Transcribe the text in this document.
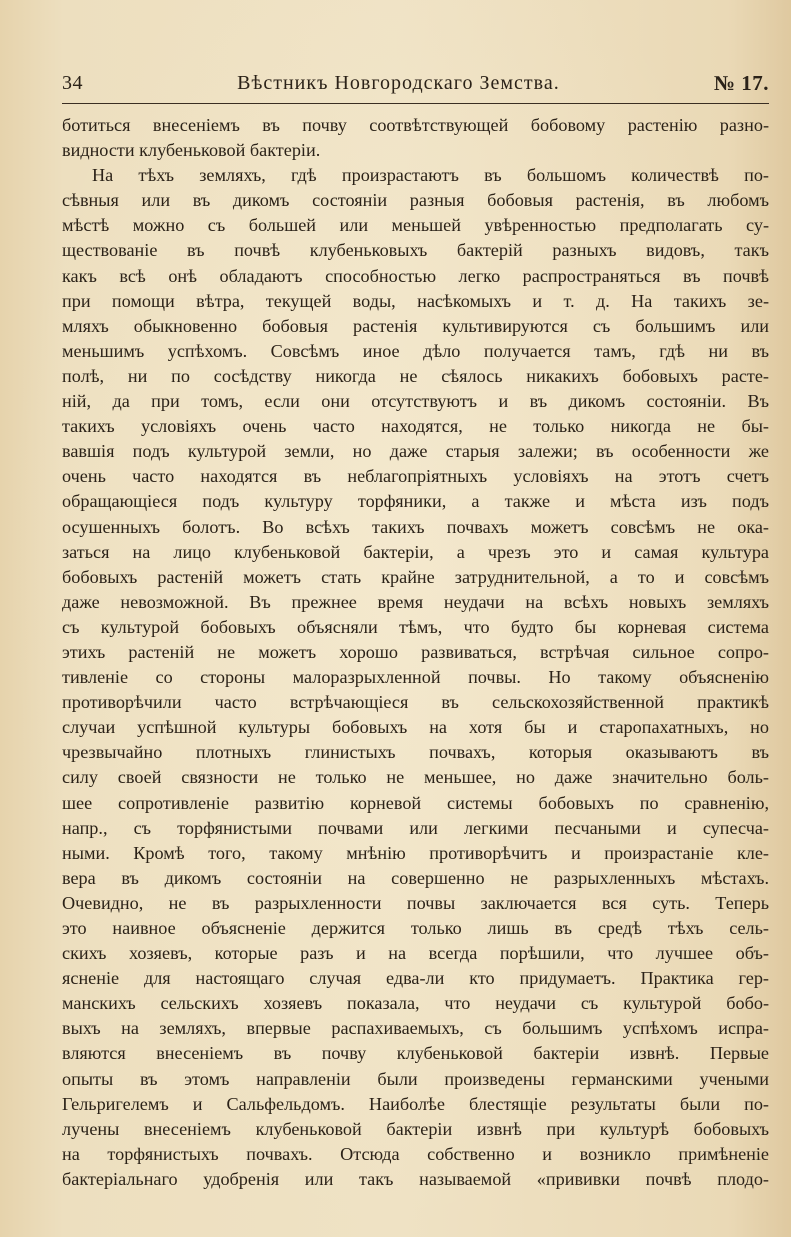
34	Вѣстникъ Новгородскаго Земства.	№ 17.
ботиться внесеніемъ въ почву соотвѣтствующей бобовому растенію разно-
видности клубеньковой бактеріи.
На тѣхъ земляхъ, гдѣ произрастаютъ въ большомъ количествѣ по-
сѣвныя или въ дикомъ состояніи разныя бобовыя растенія, въ любомъ
мѣстѣ можно съ большей или меньшей увѣренностью предполагать су-
ществованіе въ почвѣ клубеньковыхъ бактерій разныхъ видовъ, такъ
какъ всѣ онѣ обладаютъ способностью легко распространяться въ почвѣ
при помощи вѣтра, текущей воды, насѣкомыхъ и т. д. На такихъ зе-
мляхъ обыкновенно бобовыя растенія культивируются съ большимъ или
меньшимъ успѣхомъ. Совсѣмъ иное дѣло получается тамъ, гдѣ ни въ
полѣ, ни по сосѣдству никогда не сѣялось никакихъ бобовыхъ расте-
ній, да при томъ, если они отсутствуютъ и въ дикомъ состояніи. Въ
такихъ условіяхъ очень часто находятся, не только никогда не бы-
вавшія подъ культурой земли, но даже старыя залежи; въ особенности же
очень часто находятся въ неблагопріятныхъ условіяхъ на этотъ счетъ
обращающіеся подъ культуру торфяники, а также и мѣста изъ подъ
осушенныхъ болотъ. Во всѣхъ такихъ почвахъ можетъ совсѣмъ не ока-
заться на лицо клубеньковой бактеріи, а чрезъ это и самая культура
бобовыхъ растеній можетъ стать крайне затруднительной, а то и совсѣмъ
даже невозможной. Въ прежнее время неудачи на всѣхъ новыхъ земляхъ
съ культурой бобовыхъ объясняли тѣмъ, что будто бы корневая система
этихъ растеній не можетъ хорошо развиваться, встрѣчая сильное сопро-
тивленіе со стороны малоразрыхленной почвы. Но такому объясненію
противорѣчили часто встрѣчающіеся въ сельскохозяйственной практикѣ
случаи успѣшной культуры бобовыхъ на хотя бы и старопахатныхъ, но
чрезвычайно плотныхъ глинистыхъ почвахъ, которыя оказываютъ въ
силу своей связности не только не меньшее, но даже значительно боль-
шее сопротивленіе развитію корневой системы бобовыхъ по сравненію,
напр., съ торфянистыми почвами или легкими песчаными и супесча-
ными. Кромѣ того, такому мнѣнію противорѣчитъ и произрастаніе кле-
вера въ дикомъ состояніи на совершенно не разрыхленныхъ мѣстахъ.
Очевидно, не въ разрыхленности почвы заключается вся суть. Теперь
это наивное объясненіе держится только лишь въ средѣ тѣхъ сель-
скихъ хозяевъ, которые разъ и на всегда порѣшили, что лучшее объ-
ясненіе для настоящаго случая едва-ли кто придумаетъ. Практика гер-
манскихъ сельскихъ хозяевъ показала, что неудачи съ культурой бобо-
выхъ на земляхъ, впервые распахиваемыхъ, съ большимъ успѣхомъ испра-
вляются внесеніемъ въ почву клубеньковой бактеріи извнѣ. Первые
опыты въ этомъ направленіи были произведены германскими учеными
Гельригелемъ и Сальфельдомъ. Наиболѣе блестящіе результаты были по-
лучены внесеніемъ клубеньковой бактеріи извнѣ при культурѣ бобовыхъ
на торфянистыхъ почвахъ. Отсюда собственно и возникло примѣненіе
бактеріальнаго удобренія или такъ называемой «прививки почвѣ плодо-
